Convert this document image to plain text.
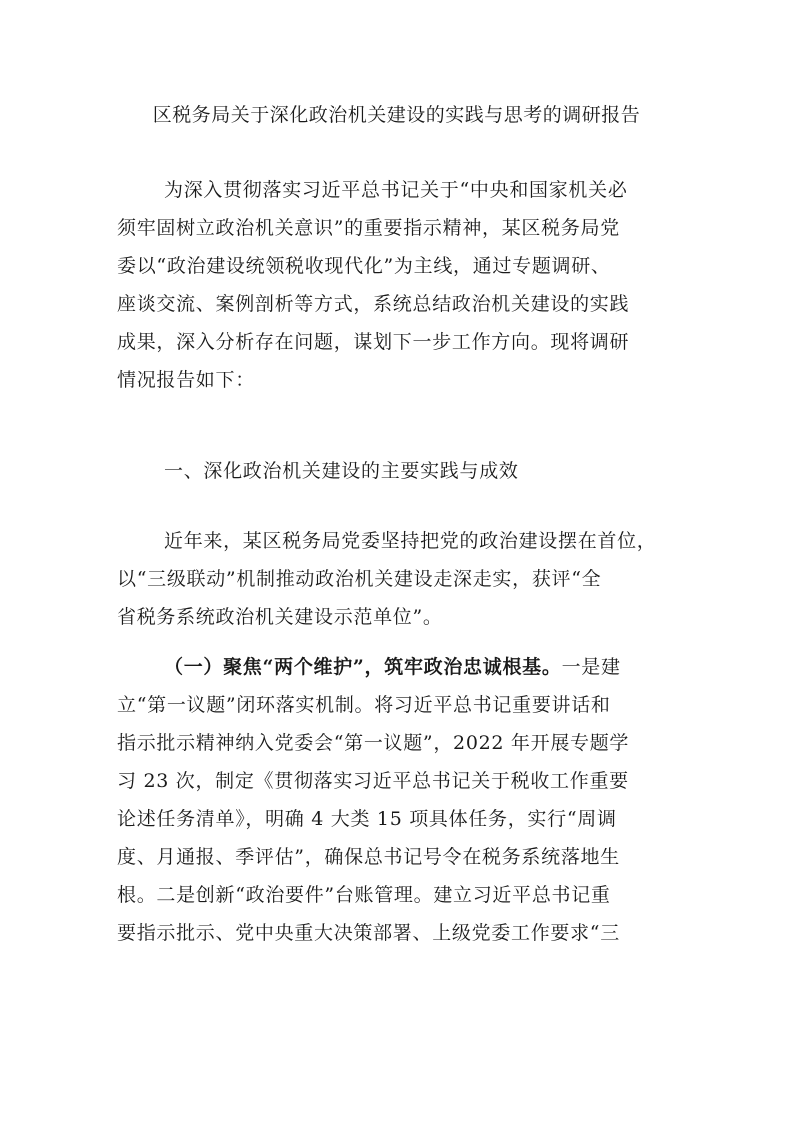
区税务局关于深化政治机关建设的实践与思考的调研报告
为深入贯彻落实习近平总书记关于“中央和国家机关必
须牢固树立政治机关意识”的重要指示精神，某区税务局党
委以“政治建设统领税收现代化”为主线，通过专题调研、
座谈交流、案例剖析等方式，系统总结政治机关建设的实践
成果，深入分析存在问题，谋划下一步工作方向。现将调研
情况报告如下：
一、深化政治机关建设的主要实践与成效
近年来，某区税务局党委坚持把党的政治建设摆在首位，
以“三级联动”机制推动政治机关建设走深走实，获评“全
省税务系统政治机关建设示范单位”。
（一）聚焦“两个维护”，筑牢政治忠诚根基。一是建
立“第一议题”闭环落实机制。将习近平总书记重要讲话和
指示批示精神纳入党委会“第一议题”，2022 年开展专题学
习 23 次，制定《贯彻落实习近平总书记关于税收工作重要
论述任务清单》，明确 4 大类 15 项具体任务，实行“周调
度、月通报、季评估”，确保总书记号令在税务系统落地生
根。二是创新“政治要件”台账管理。建立习近平总书记重
要指示批示、党中央重大决策部署、上级党委工作要求“三
